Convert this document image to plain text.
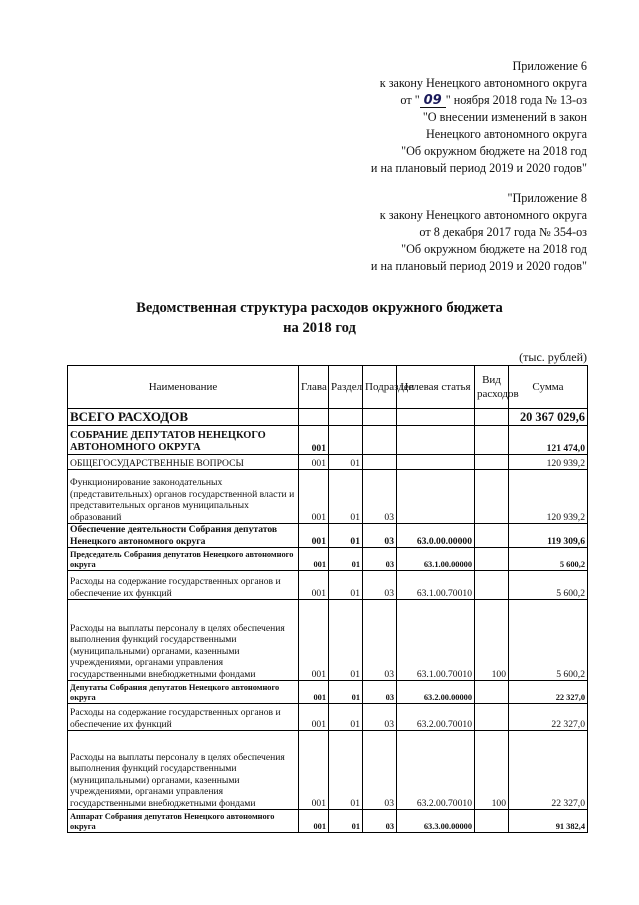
Приложение 6
к закону Ненецкого автономного округа
от " 09 " ноября 2018 года № 13-оз
"О внесении изменений в закон
Ненецкого автономного округа
"Об окружном бюджете на 2018 год
и на плановый период 2019 и 2020 годов"
"Приложение 8
к закону Ненецкого автономного округа
от 8 декабря 2017 года № 354-оз
"Об окружном бюджете на 2018 год
и на плановый период 2019 и 2020 годов"
Ведомственная структура расходов окружного бюджета
на 2018 год
(тыс. рублей)
Наименование	Глава	Раздел	Подраздел	Целевая статья	Вид расходов	Сумма
ВСЕГО РАСХОДОВ						20 367 029,6
СОБРАНИЕ ДЕПУТАТОВ НЕНЕЦКОГО АВТОНОМНОГО ОКРУГА	001					121 474,0
ОБЩЕГОСУДАРСТВЕННЫЕ ВОПРОСЫ	001	01				120 939,2
Функционирование законодательных (представительных) органов государственной власти и представительных органов муниципальных образований	001	01	03			120 939,2
Обеспечение деятельности Собрания депутатов Ненецкого автономного округа	001	01	03	63.0.00.00000		119 309,6
Председатель Собрания депутатов Ненецкого автономного округа	001	01	03	63.1.00.00000		5 600,2
Расходы на содержание государственных органов и обеспечение их функций	001	01	03	63.1.00.70010		5 600,2
Расходы на выплаты персоналу в целях обеспечения выполнения функций государственными (муниципальными) органами, казенными учреждениями, органами управления государственными внебюджетными фондами	001	01	03	63.1.00.70010	100	5 600,2
Депутаты Собрания депутатов Ненецкого автономного округа	001	01	03	63.2.00.00000		22 327,0
Расходы на содержание государственных органов и обеспечение их функций	001	01	03	63.2.00.70010		22 327,0
Расходы на выплаты персоналу в целях обеспечения выполнения функций государственными (муниципальными) органами, казенными учреждениями, органами управления государственными внебюджетными фондами	001	01	03	63.2.00.70010	100	22 327,0
Аппарат Собрания депутатов Ненецкого автономного округа	001	01	03	63.3.00.00000		91 382,4
